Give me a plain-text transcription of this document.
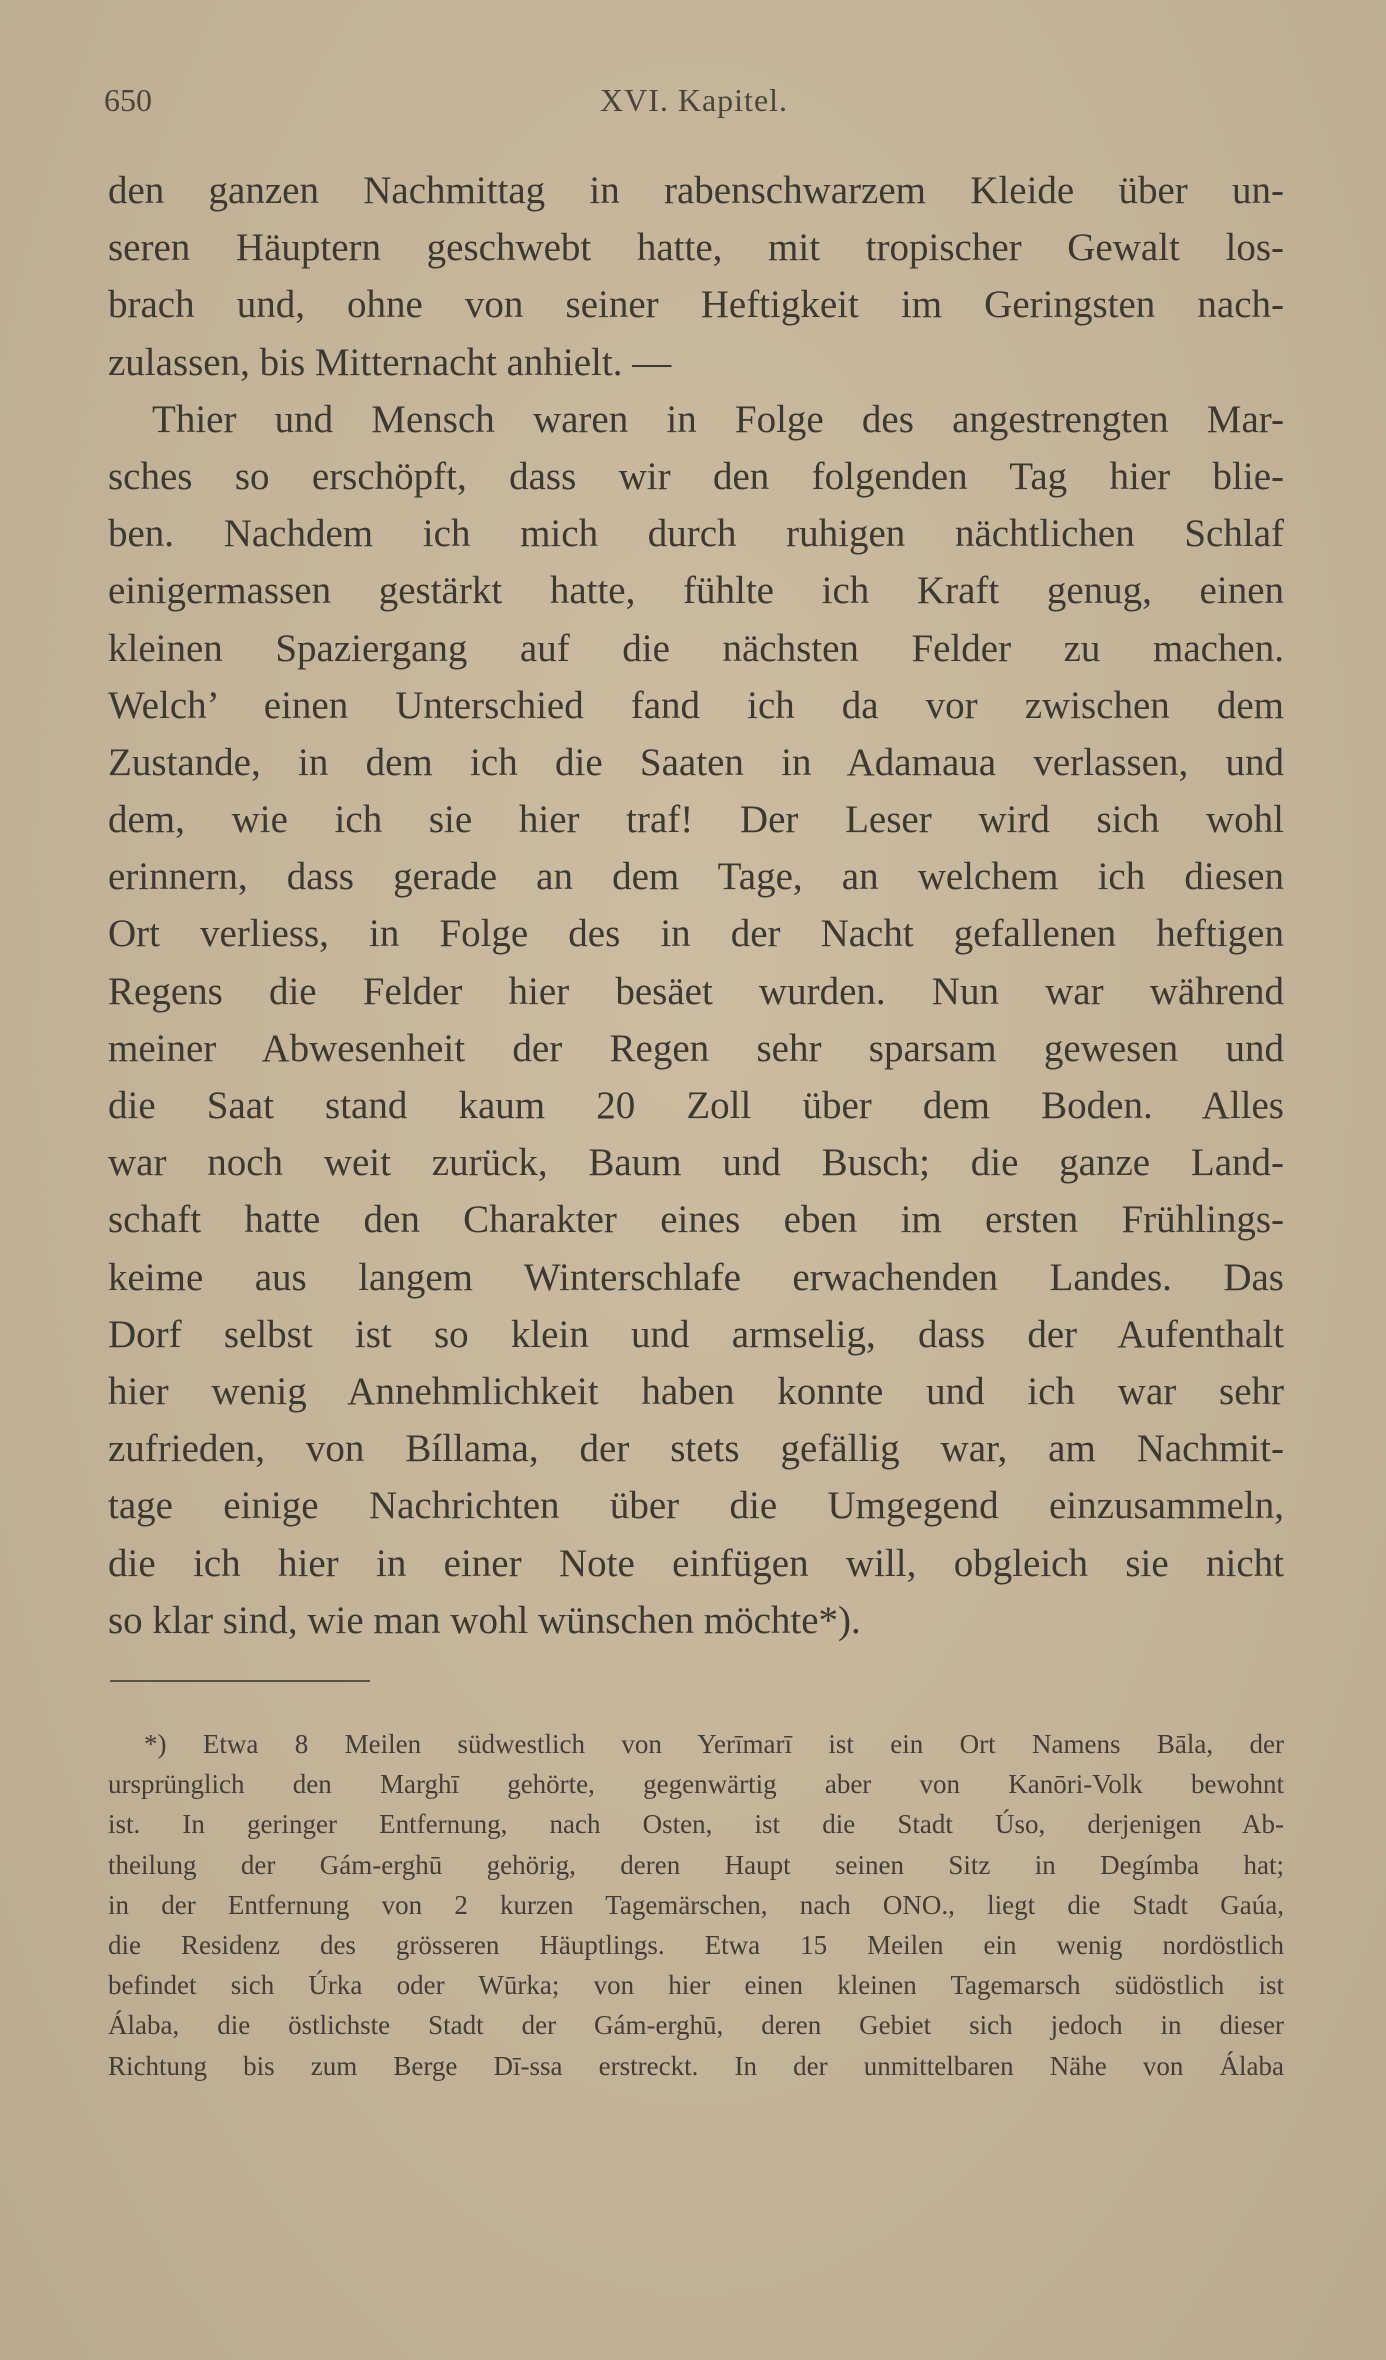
650	XVI. Kapitel.
den ganzen Nachmittag in rabenschwarzem Kleide über un-
seren Häuptern geschwebt hatte, mit tropischer Gewalt los-
brach und, ohne von seiner Heftigkeit im Geringsten nach-
zulassen, bis Mitternacht anhielt. —
Thier und Mensch waren in Folge des angestrengten Mar-
sches so erschöpft, dass wir den folgenden Tag hier blie-
ben. Nachdem ich mich durch ruhigen nächtlichen Schlaf
einigermassen gestärkt hatte, fühlte ich Kraft genug, einen
kleinen Spaziergang auf die nächsten Felder zu machen.
Welch’ einen Unterschied fand ich da vor zwischen dem
Zustande, in dem ich die Saaten in Adamaua verlassen, und
dem, wie ich sie hier traf! Der Leser wird sich wohl
erinnern, dass gerade an dem Tage, an welchem ich diesen
Ort verliess, in Folge des in der Nacht gefallenen heftigen
Regens die Felder hier besäet wurden. Nun war während
meiner Abwesenheit der Regen sehr sparsam gewesen und
die Saat stand kaum 20 Zoll über dem Boden. Alles
war noch weit zurück, Baum und Busch; die ganze Land-
schaft hatte den Charakter eines eben im ersten Frühlings-
keime aus langem Winterschlafe erwachenden Landes. Das
Dorf selbst ist so klein und armselig, dass der Aufenthalt
hier wenig Annehmlichkeit haben konnte und ich war sehr
zufrieden, von Bíllama, der stets gefällig war, am Nachmit-
tage einige Nachrichten über die Umgegend einzusammeln,
die ich hier in einer Note einfügen will, obgleich sie nicht
so klar sind, wie man wohl wünschen möchte*).
*) Etwa 8 Meilen südwestlich von Yerīmarī ist ein Ort Namens Bāla, der
ursprünglich den Marghī gehörte, gegenwärtig aber von Kanōri-Volk bewohnt
ist. In geringer Entfernung, nach Osten, ist die Stadt Úso, derjenigen Ab-
theilung der Gám-erghū gehörig, deren Haupt seinen Sitz in Degímba hat;
in der Entfernung von 2 kurzen Tagemärschen, nach ONO., liegt die Stadt Gaúa,
die Residenz des grösseren Häuptlings. Etwa 15 Meilen ein wenig nordöstlich
befindet sich Úrka oder Wūrka; von hier einen kleinen Tagemarsch südöstlich ist
Álaba, die östlichste Stadt der Gám-erghū, deren Gebiet sich jedoch in dieser
Richtung bis zum Berge Dī-ssa erstreckt. In der unmittelbaren Nähe von Álaba
